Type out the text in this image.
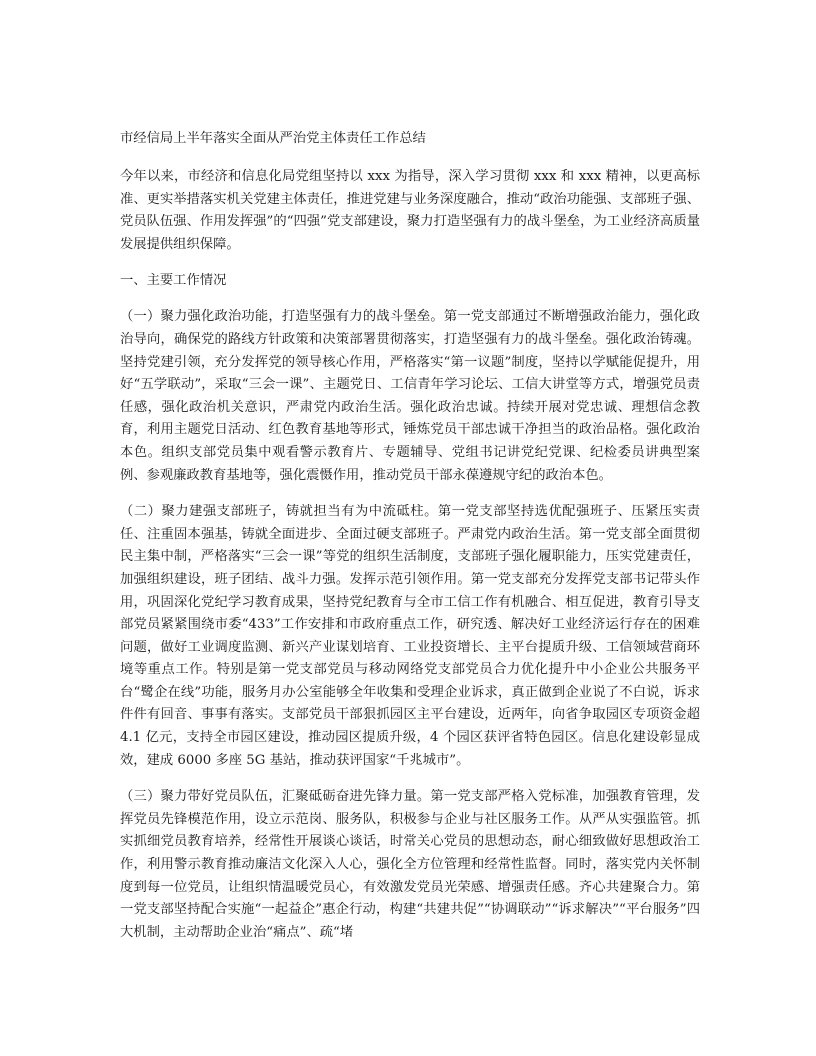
市经信局上半年落实全面从严治党主体责任工作总结

今年以来，市经济和信息化局党组坚持以 xxx 为指导，深入学习贯彻 xxx 和 xxx 精神，以更高标准、更实举措落实机关党建主体责任，推进党建与业务深度融合，推动“政治功能强、支部班子强、党员队伍强、作用发挥强”的“四强”党支部建设，聚力打造坚强有力的战斗堡垒，为工业经济高质量发展提供组织保障。

一、主要工作情况

（一）聚力强化政治功能，打造坚强有力的战斗堡垒。第一党支部通过不断增强政治能力，强化政治导向，确保党的路线方针政策和决策部署贯彻落实，打造坚强有力的战斗堡垒。强化政治铸魂。坚持党建引领，充分发挥党的领导核心作用，严格落实“第一议题”制度，坚持以学赋能促提升，用好“五学联动”，采取“三会一课”、主题党日、工信青年学习论坛、工信大讲堂等方式，增强党员责任感，强化政治机关意识，严肃党内政治生活。强化政治忠诚。持续开展对党忠诚、理想信念教育，利用主题党日活动、红色教育基地等形式，锤炼党员干部忠诚干净担当的政治品格。强化政治本色。组织支部党员集中观看警示教育片、专题辅导、党组书记讲党纪党课、纪检委员讲典型案例、参观廉政教育基地等，强化震慑作用，推动党员干部永葆遵规守纪的政治本色。

（二）聚力建强支部班子，铸就担当有为中流砥柱。第一党支部坚持选优配强班子、压紧压实责任、注重固本强基，铸就全面进步、全面过硬支部班子。严肃党内政治生活。第一党支部全面贯彻民主集中制，严格落实“三会一课”等党的组织生活制度，支部班子强化履职能力，压实党建责任，加强组织建设，班子团结、战斗力强。发挥示范引领作用。第一党支部充分发挥党支部书记带头作用，巩固深化党纪学习教育成果，坚持党纪教育与全市工信工作有机融合、相互促进，教育引导支部党员紧紧围绕市委“433”工作安排和市政府重点工作，研究透、解决好工业经济运行存在的困难问题，做好工业调度监测、新兴产业谋划培育、工业投资增长、主平台提质升级、工信领域营商环境等重点工作。特别是第一党支部党员与移动网络党支部党员合力优化提升中小企业公共服务平台“鹭企在线”功能，服务月办公室能够全年收集和受理企业诉求，真正做到企业说了不白说，诉求件件有回音、事事有落实。支部党员干部狠抓园区主平台建设，近两年，向省争取园区专项资金超 4.1 亿元，支持全市园区建设，推动园区提质升级，4 个园区获评省特色园区。信息化建设彰显成效，建成 6000 多座 5G 基站，推动获评国家“千兆城市”。

（三）聚力带好党员队伍，汇聚砥砺奋进先锋力量。第一党支部严格入党标准，加强教育管理，发挥党员先锋模范作用，设立示范岗、服务队，积极参与企业与社区服务工作。从严从实强监管。抓实抓细党员教育培养，经常性开展谈心谈话，时常关心党员的思想动态，耐心细致做好思想政治工作，利用警示教育推动廉洁文化深入人心，强化全方位管理和经常性监督。同时，落实党内关怀制度到每一位党员，让组织情温暖党员心，有效激发党员光荣感、增强责任感。齐心共建聚合力。第一党支部坚持配合实施“一起益企”惠企行动，构建“共建共促”“协调联动”“诉求解决”“平台服务”四大机制，主动帮助企业治“痛点”、疏“堵
